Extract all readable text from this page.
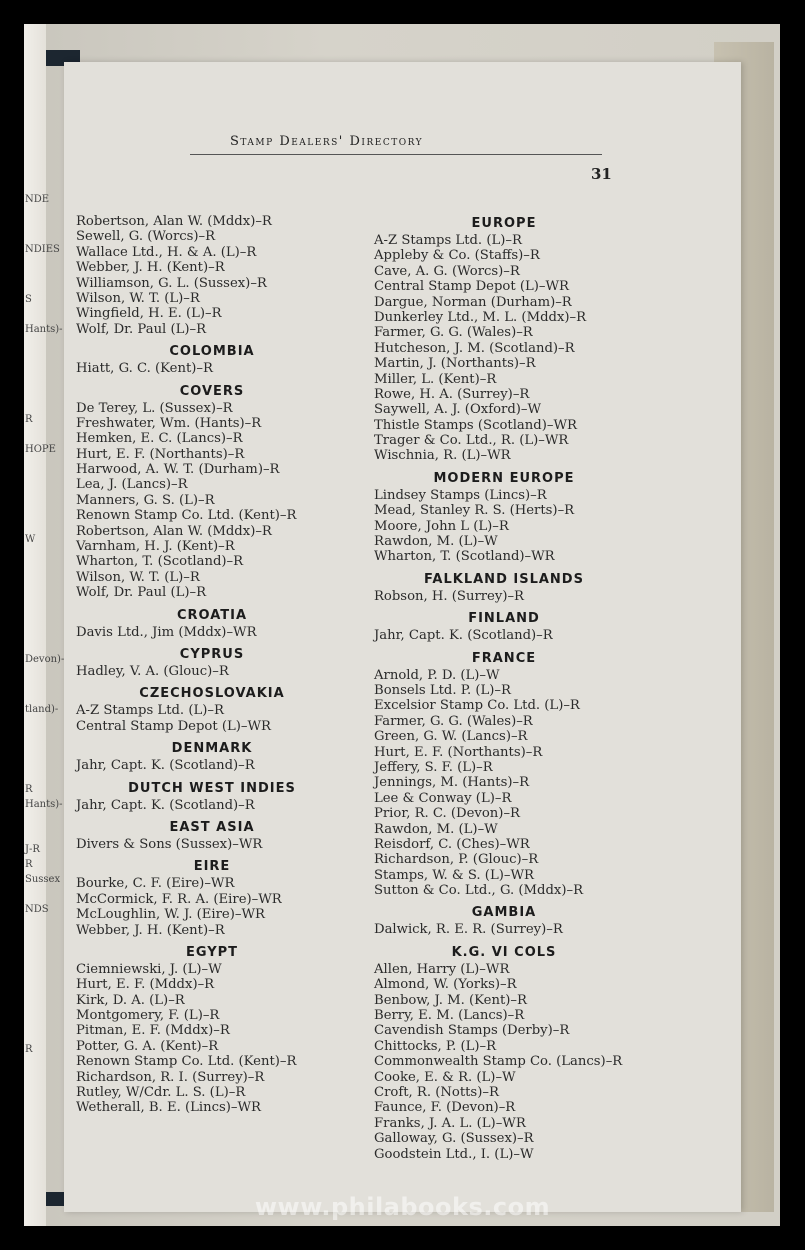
NDE
NDIES
S
Hants)-
R
HOPE
W
Devon)-
tland)-
R
Hants)-
J-R
R
Sussex
NDS
R
Stamp Dealers' Directory
31
Robertson, Alan W. (Mddx)–R
Sewell, G. (Worcs)–R
Wallace Ltd., H. & A. (L)–R
Webber, J. H. (Kent)–R
Williamson, G. L. (Sussex)–R
Wilson, W. T. (L)–R
Wingfield, H. E. (L)–R
Wolf, Dr. Paul (L)–R
COLOMBIA
Hiatt, G. C. (Kent)–R
COVERS
De Terey, L. (Sussex)–R
Freshwater, Wm. (Hants)–R
Hemken, E. C. (Lancs)–R
Hurt, E. F. (Northants)–R
Harwood, A. W. T. (Durham)–R
Lea, J. (Lancs)–R
Manners, G. S. (L)–R
Renown Stamp Co. Ltd. (Kent)–R
Robertson, Alan W. (Mddx)–R
Varnham, H. J. (Kent)–R
Wharton, T. (Scotland)–R
Wilson, W. T. (L)–R
Wolf, Dr. Paul (L)–R
CROATIA
Davis Ltd., Jim (Mddx)–WR
CYPRUS
Hadley, V. A. (Glouc)–R
CZECHOSLOVAKIA
A-Z Stamps Ltd. (L)–R
Central Stamp Depot (L)–WR
DENMARK
Jahr, Capt. K. (Scotland)–R
DUTCH WEST INDIES
Jahr, Capt. K. (Scotland)–R
EAST ASIA
Divers & Sons (Sussex)–WR
EIRE
Bourke, C. F. (Eire)–WR
McCormick, F. R. A. (Eire)–WR
McLoughlin, W. J. (Eire)–WR
Webber, J. H. (Kent)–R
EGYPT
Ciemniewski, J. (L)–W
Hurt, E. F. (Mddx)–R
Kirk, D. A. (L)–R
Montgomery, F. (L)–R
Pitman, E. F. (Mddx)–R
Potter, G. A. (Kent)–R
Renown Stamp Co. Ltd. (Kent)–R
Richardson, R. I. (Surrey)–R
Rutley, W/Cdr. L. S. (L)–R
Wetherall, B. E. (Lincs)–WR
EUROPE
A-Z Stamps Ltd. (L)–R
Appleby & Co. (Staffs)–R
Cave, A. G. (Worcs)–R
Central Stamp Depot (L)–WR
Dargue, Norman (Durham)–R
Dunkerley Ltd., M. L. (Mddx)–R
Farmer, G. G. (Wales)–R
Hutcheson, J. M. (Scotland)–R
Martin, J. (Northants)–R
Miller, L. (Kent)–R
Rowe, H. A. (Surrey)–R
Saywell, A. J. (Oxford)–W
Thistle Stamps (Scotland)–WR
Trager & Co. Ltd., R. (L)–WR
Wischnia, R. (L)–WR
MODERN EUROPE
Lindsey Stamps (Lincs)–R
Mead, Stanley R. S. (Herts)–R
Moore, John L (L)–R
Rawdon, M. (L)–W
Wharton, T. (Scotland)–WR
FALKLAND ISLANDS
Robson, H. (Surrey)–R
FINLAND
Jahr, Capt. K. (Scotland)–R
FRANCE
Arnold, P. D. (L)–W
Bonsels Ltd. P. (L)–R
Excelsior Stamp Co. Ltd. (L)–R
Farmer, G. G. (Wales)–R
Green, G. W. (Lancs)–R
Hurt, E. F. (Northants)–R
Jeffery, S. F. (L)–R
Jennings, M. (Hants)–R
Lee & Conway (L)–R
Prior, R. C. (Devon)–R
Rawdon, M. (L)–W
Reisdorf, C. (Ches)–WR
Richardson, P. (Glouc)–R
Stamps, W. & S. (L)–WR
Sutton & Co. Ltd., G. (Mddx)–R
GAMBIA
Dalwick, R. E. R. (Surrey)–R
K.G. VI COLS
Allen, Harry (L)–WR
Almond, W. (Yorks)–R
Benbow, J. M. (Kent)–R
Berry, E. M. (Lancs)–R
Cavendish Stamps (Derby)–R
Chittocks, P. (L)–R
Commonwealth Stamp Co. (Lancs)–R
Cooke, E. & R. (L)–W
Croft, R. (Notts)–R
Faunce, F. (Devon)–R
Franks, J. A. L. (L)–WR
Galloway, G. (Sussex)–R
Goodstein Ltd., I. (L)–W
www.philabooks.com
